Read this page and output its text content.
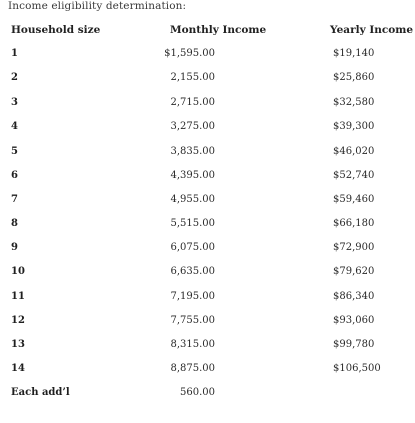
Income eligibility determination:
Household size	Monthly Income	Yearly Income
1	$1,595.00	$19,140
2	2,155.00	$25,860
3	2,715.00	$32,580
4	3,275.00	$39,300
5	3,835.00	$46,020
6	4,395.00	$52,740
7	4,955.00	$59,460
8	5,515.00	$66,180
9	6,075.00	$72,900
10	6,635.00	$79,620
11	7,195.00	$86,340
12	7,755.00	$93,060
13	8,315.00	$99,780
14	8,875.00	$106,500
Each add’l	560.00
